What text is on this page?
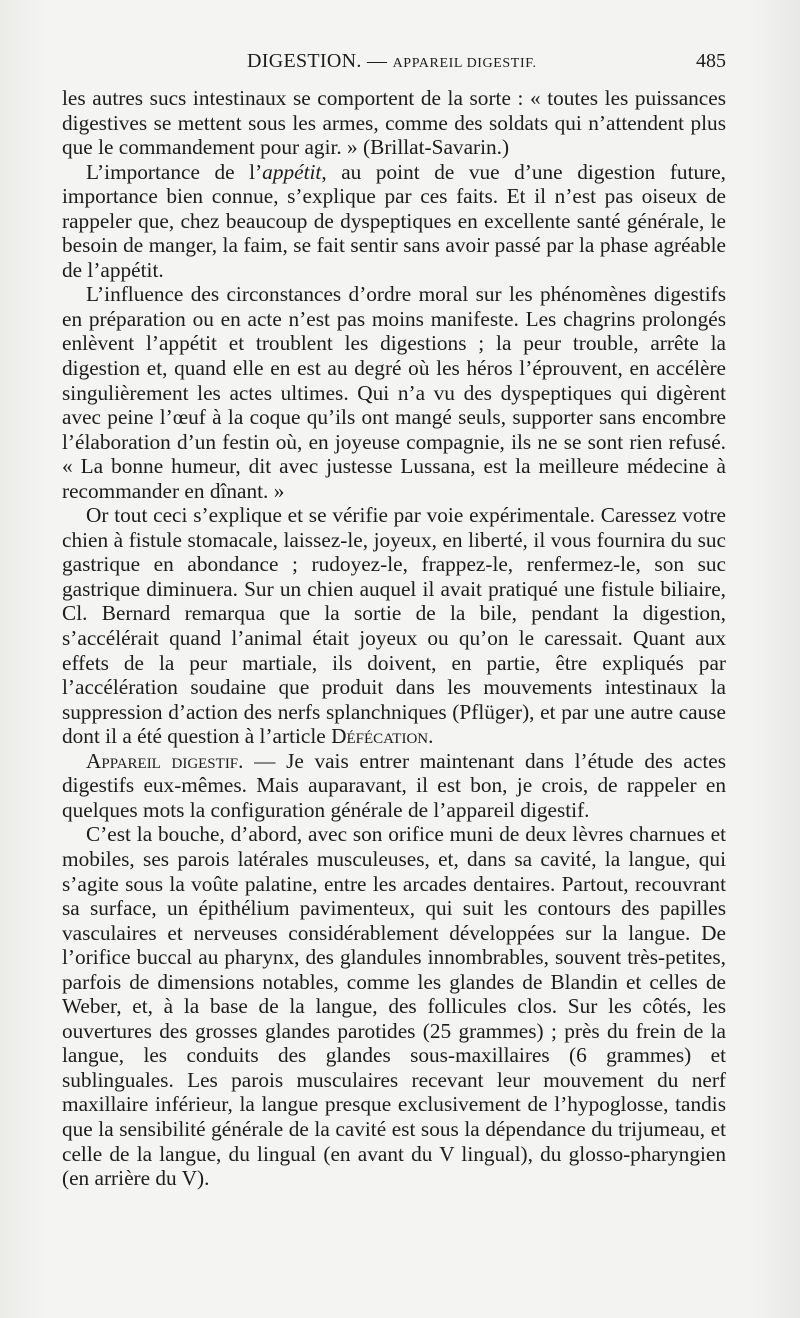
DIGESTION. — APPAREIL DIGESTIF.	485

les autres sucs intestinaux se comportent de la sorte : « toutes les puissances digestives se mettent sous les armes, comme des soldats qui n’attendent plus que le commandement pour agir. » (Brillat-Savarin.)

L’importance de l’appétit, au point de vue d’une digestion future, importance bien connue, s’explique par ces faits. Et il n’est pas oiseux de rappeler que, chez beaucoup de dyspeptiques en excellente santé générale, le besoin de manger, la faim, se fait sentir sans avoir passé par la phase agréable de l’appétit.

L’influence des circonstances d’ordre moral sur les phénomènes digestifs en préparation ou en acte n’est pas moins manifeste. Les chagrins prolongés enlèvent l’appétit et troublent les digestions ; la peur trouble, arrête la digestion et, quand elle en est au degré où les héros l’éprouvent, en accélère singulièrement les actes ultimes. Qui n’a vu des dyspeptiques qui digèrent avec peine l’œuf à la coque qu’ils ont mangé seuls, supporter sans encombre l’élaboration d’un festin où, en joyeuse compagnie, ils ne se sont rien refusé. « La bonne humeur, dit avec justesse Lussana, est la meilleure médecine à recommander en dînant. »

Or tout ceci s’explique et se vérifie par voie expérimentale. Caressez votre chien à fistule stomacale, laissez-le, joyeux, en liberté, il vous fournira du suc gastrique en abondance ; rudoyez-le, frappez-le, renfermez-le, son suc gastrique diminuera. Sur un chien auquel il avait pratiqué une fistule biliaire, Cl. Bernard remarqua que la sortie de la bile, pendant la digestion, s’accélérait quand l’animal était joyeux ou qu’on le caressait. Quant aux effets de la peur martiale, ils doivent, en partie, être expliqués par l’accélération soudaine que produit dans les mouvements intestinaux la suppression d’action des nerfs splanchniques (Pflüger), et par une autre cause dont il a été question à l’article Défécation.

Appareil digestif. — Je vais entrer maintenant dans l’étude des actes digestifs eux-mêmes. Mais auparavant, il est bon, je crois, de rappeler en quelques mots la configuration générale de l’appareil digestif.

C’est la bouche, d’abord, avec son orifice muni de deux lèvres charnues et mobiles, ses parois latérales musculeuses, et, dans sa cavité, la langue, qui s’agite sous la voûte palatine, entre les arcades dentaires. Partout, recouvrant sa surface, un épithélium pavimenteux, qui suit les contours des papilles vasculaires et nerveuses considérablement développées sur la langue. De l’orifice buccal au pharynx, des glandules innombrables, souvent très-petites, parfois de dimensions notables, comme les glandes de Blandin et celles de Weber, et, à la base de la langue, des follicules clos. Sur les côtés, les ouvertures des grosses glandes parotides (25 grammes) ; près du frein de la langue, les conduits des glandes sous-maxillaires (6 grammes) et sublinguales. Les parois musculaires recevant leur mouvement du nerf maxillaire inférieur, la langue presque exclusivement de l’hypoglosse, tandis que la sensibilité générale de la cavité est sous la dépendance du trijumeau, et celle de la langue, du lingual (en avant du V lingual), du glosso-pharyngien (en arrière du V).
